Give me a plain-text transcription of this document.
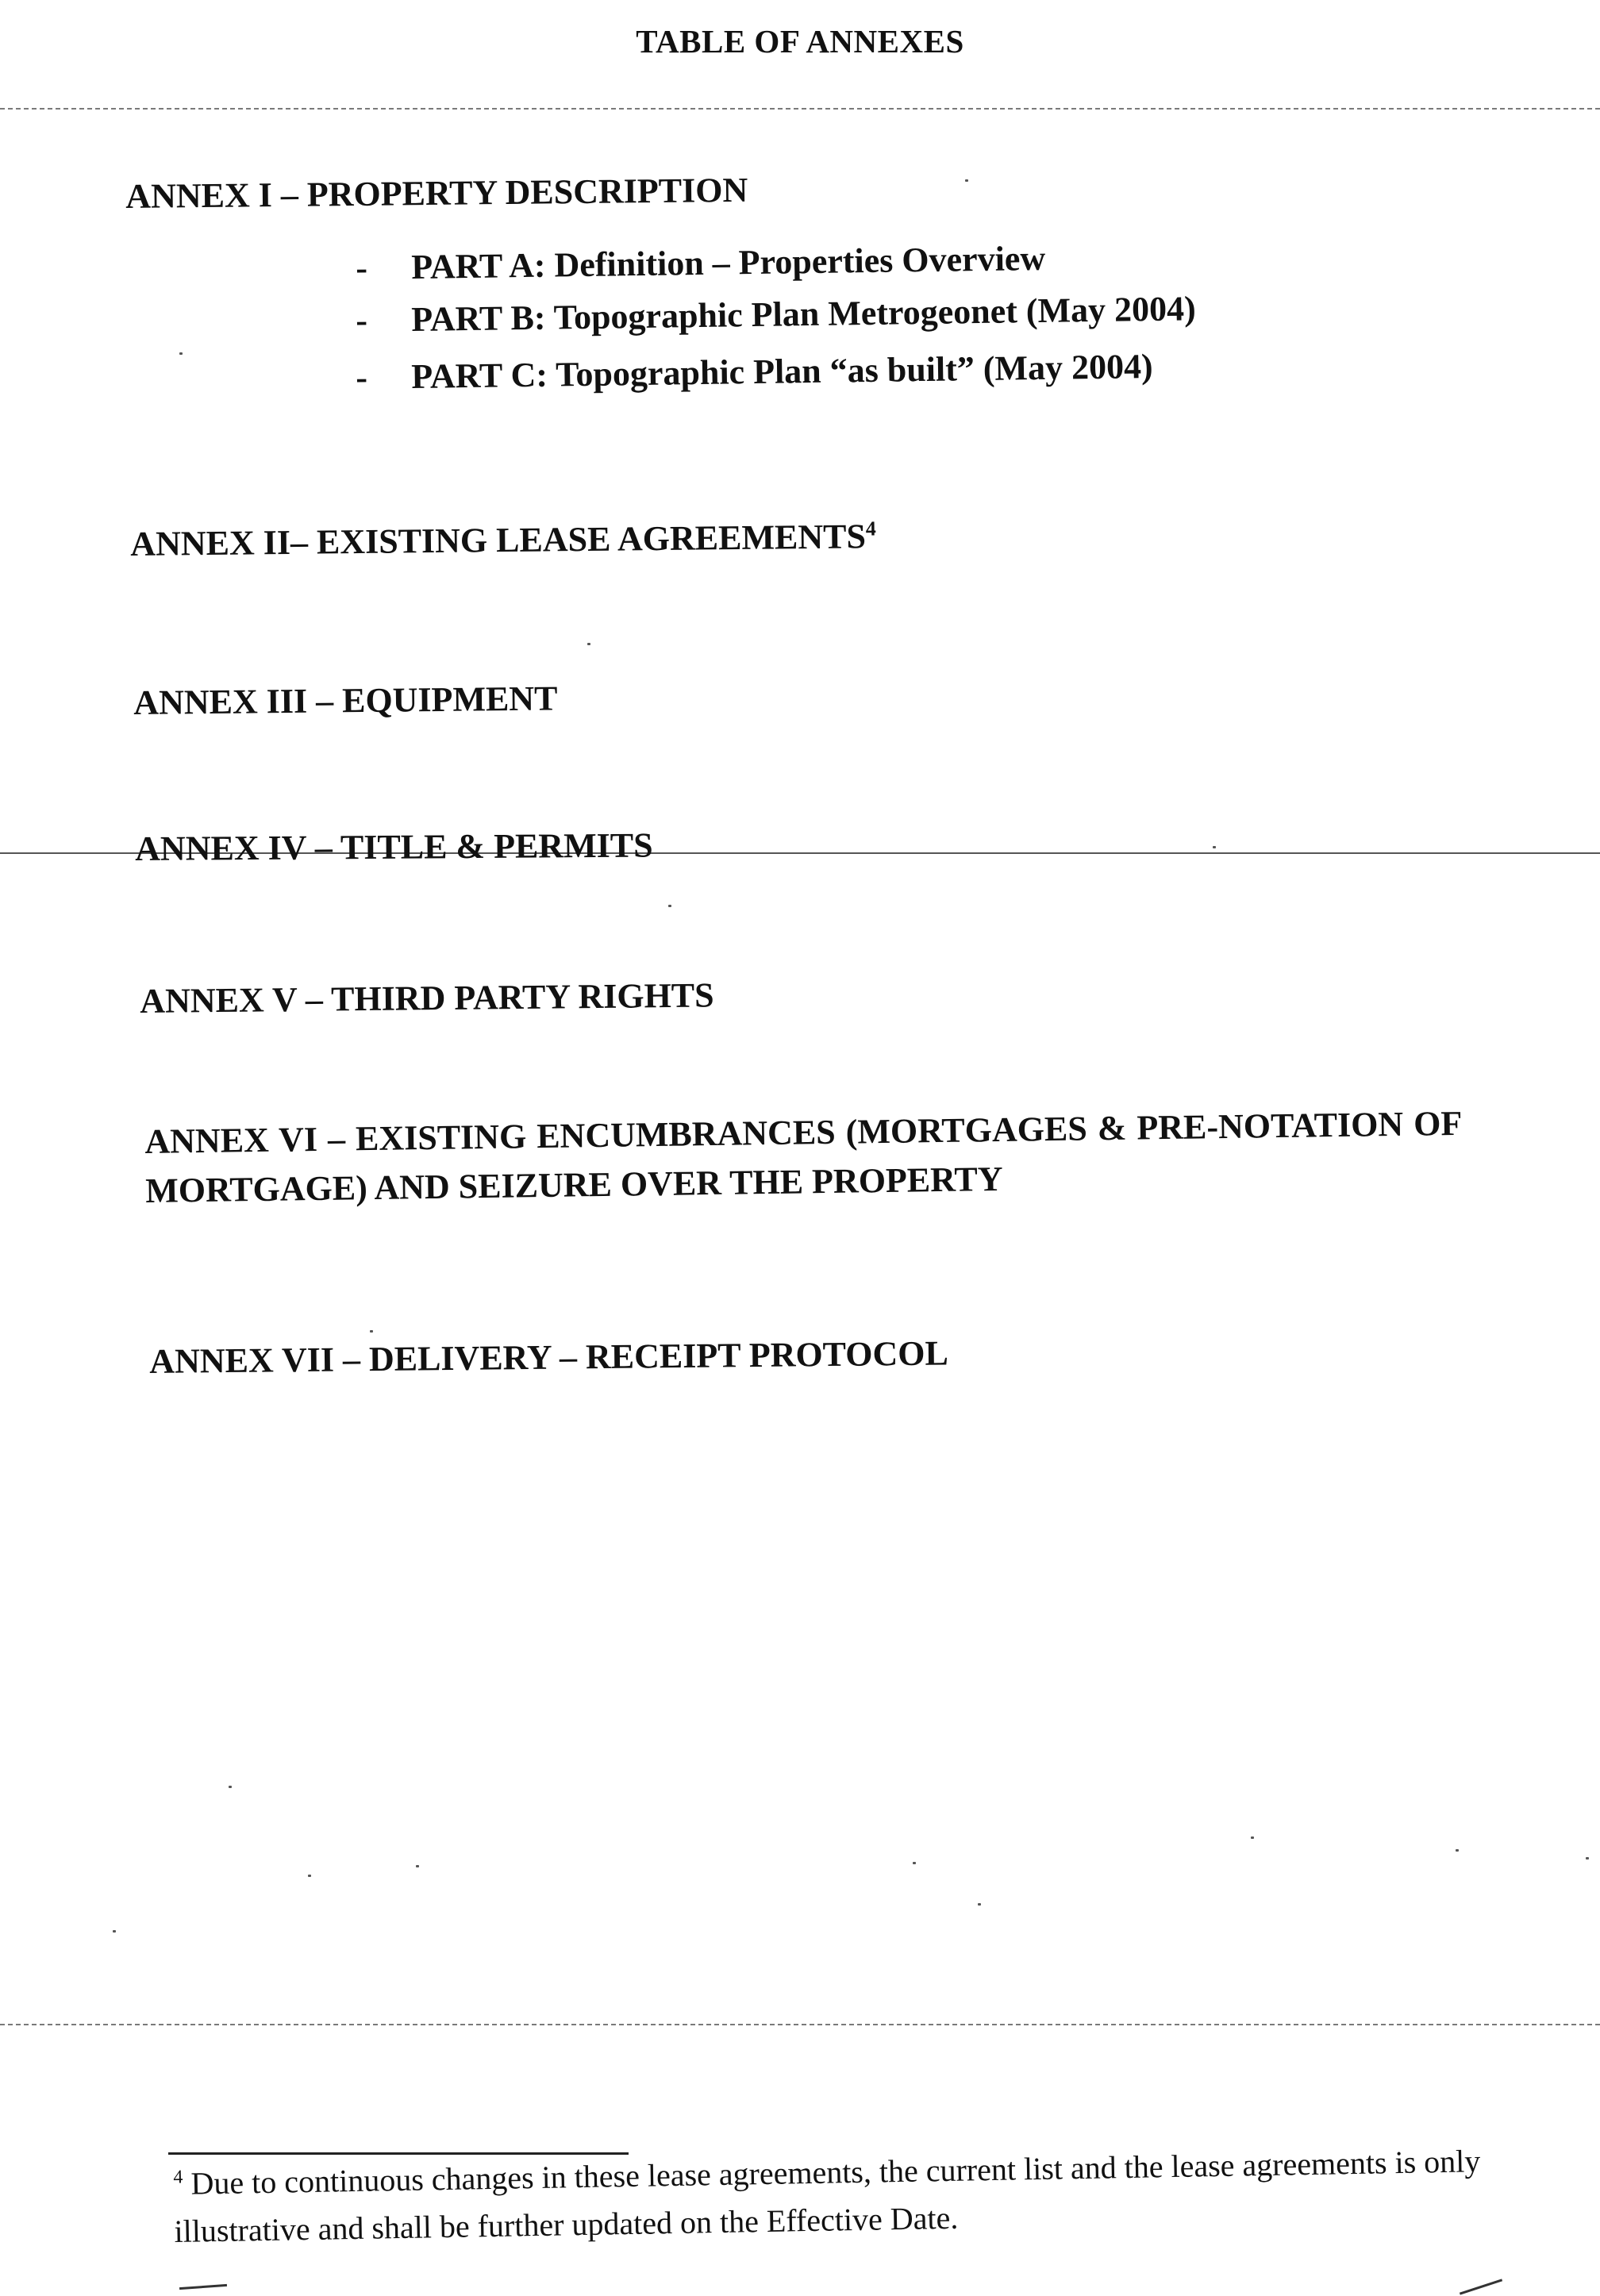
TABLE OF ANNEXES
ANNEX I – PROPERTY DESCRIPTION
- PART A: Definition – Properties Overview
- PART B: Topographic Plan Metrogeonet (May 2004)
- PART C: Topographic Plan “as built” (May 2004)
ANNEX II– EXISTING LEASE AGREEMENTS$^4$
ANNEX III – EQUIPMENT
ANNEX IV – TITLE & PERMITS
ANNEX V – THIRD PARTY RIGHTS
ANNEX VI – EXISTING ENCUMBRANCES (MORTGAGES & PRE-NOTATION OF MORTGAGE) AND SEIZURE OVER THE PROPERTY
ANNEX VII – DELIVERY – RECEIPT PROTOCOL
$^4$ Due to continuous changes in these lease agreements, the current list and the lease agreements is only illustrative and shall be further updated on the Effective Date.
